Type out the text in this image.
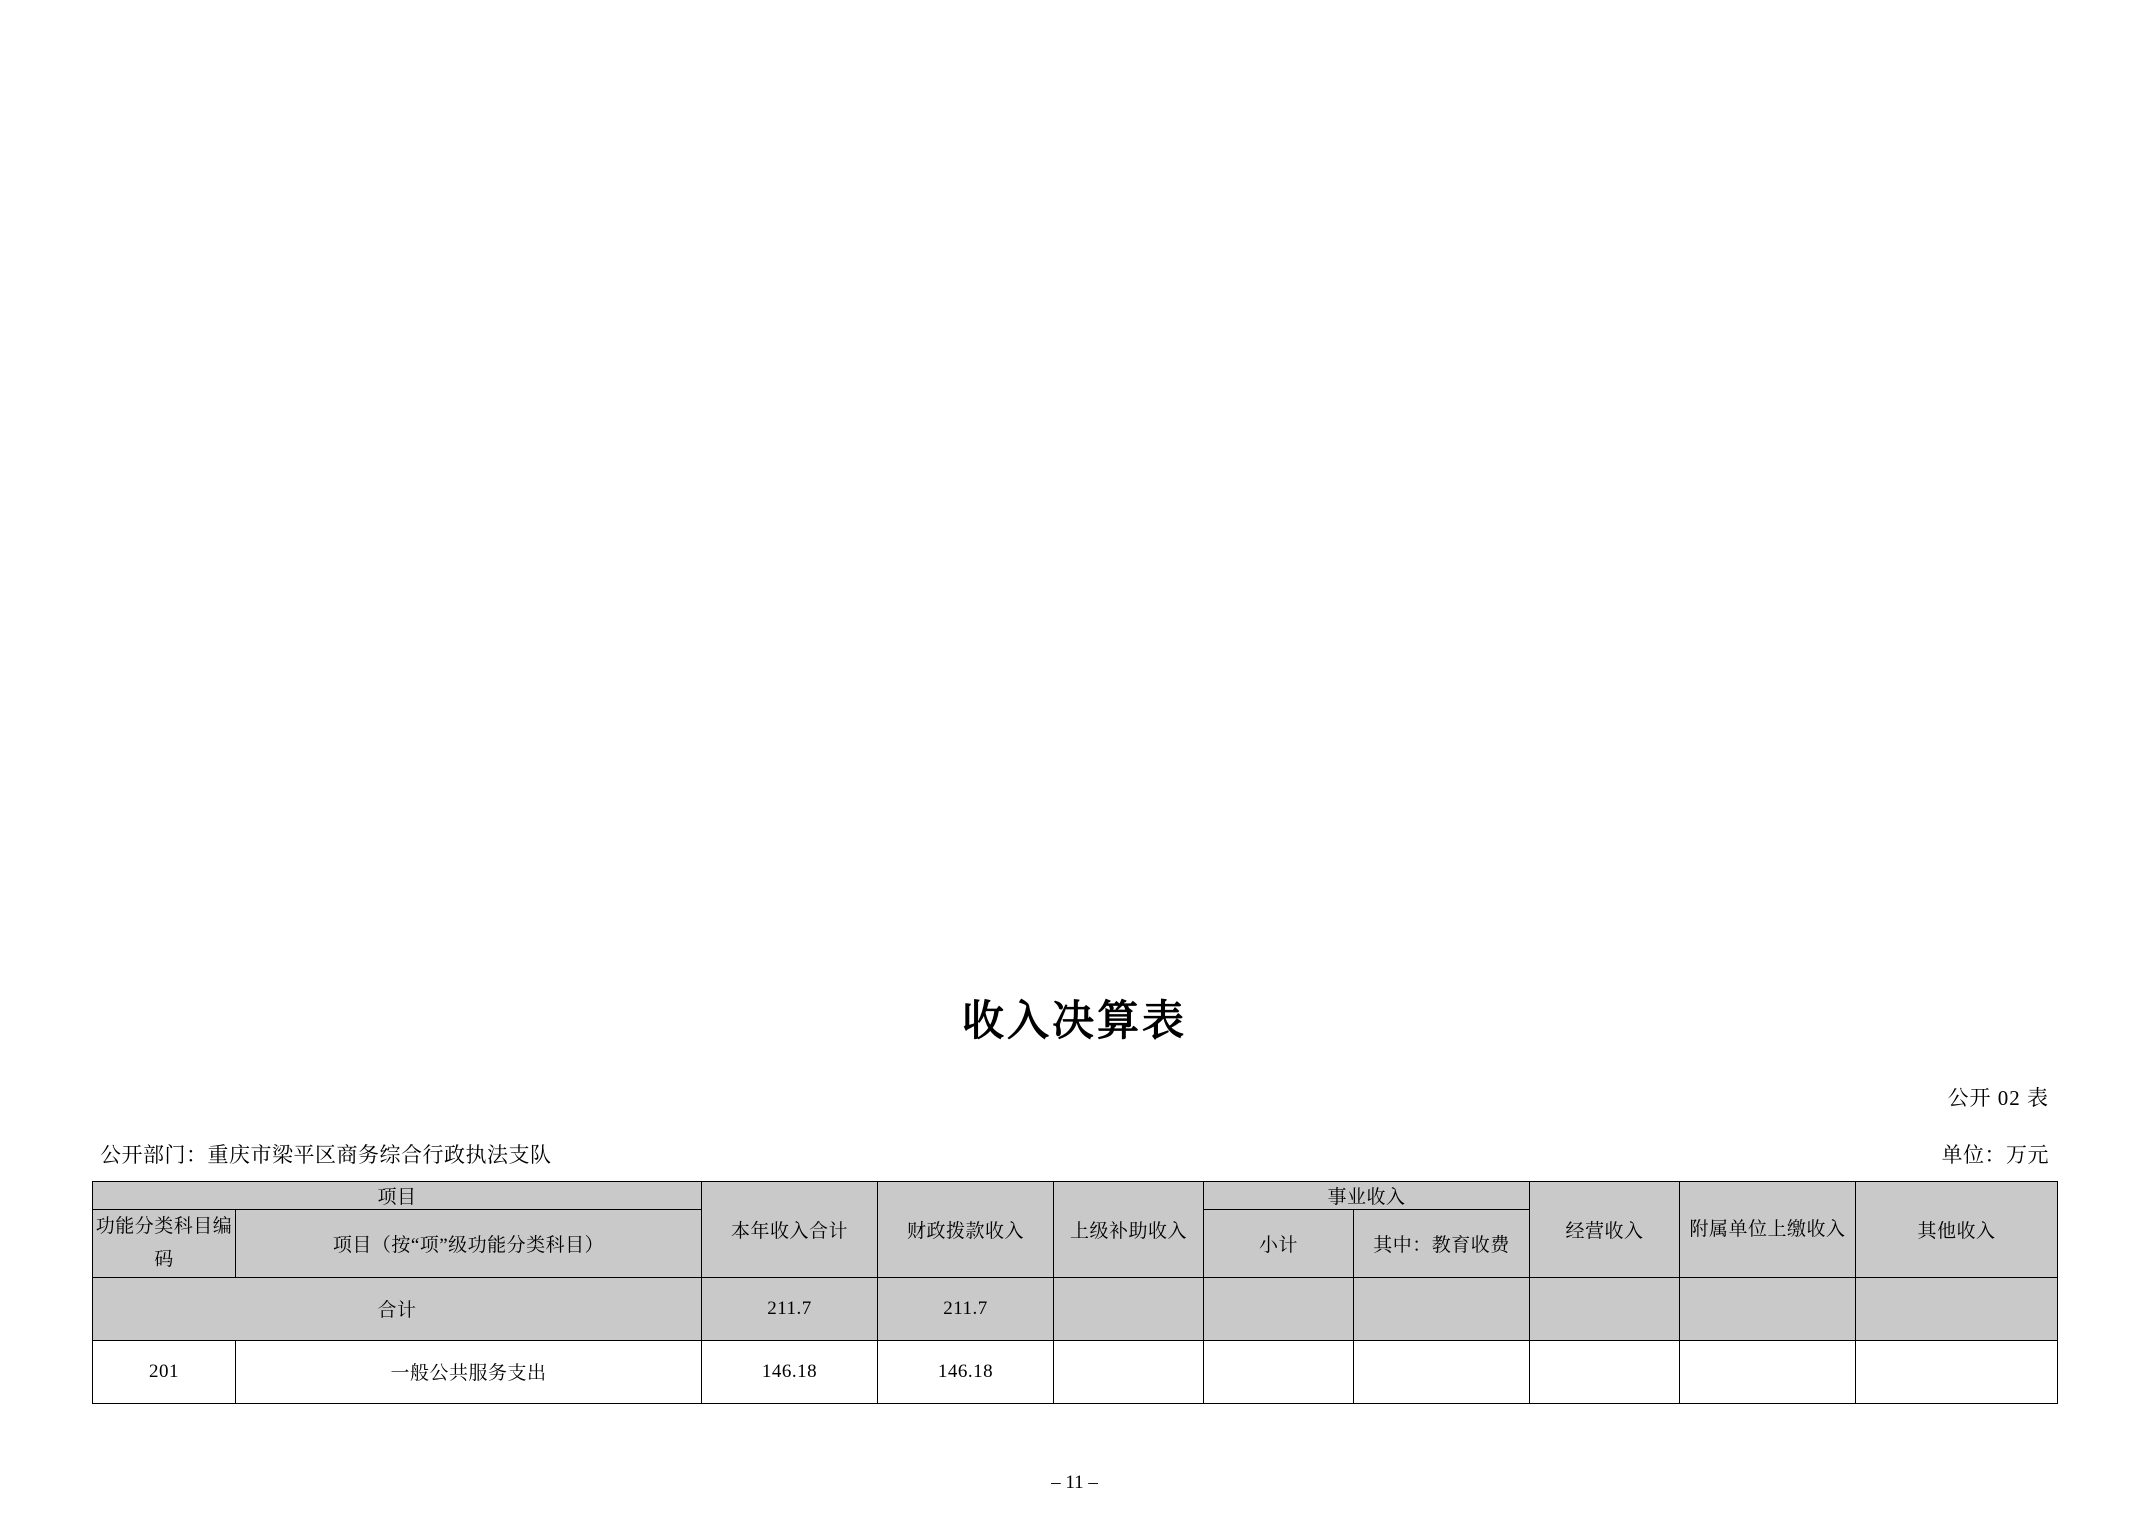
收入决算表
公开 02 表
公开部门：重庆市梁平区商务综合行政执法支队	单位：万元
项目		本年收入合计	财政拨款收入	上级补助收入	事业收入		经营收入	附属单位上缴收入	其他收入
功能分类科目编码	项目（按“项”级功能分类科目）				小计	其中：教育收费			
合计		211.7	211.7						
201	一般公共服务支出	146.18	146.18						
– 11 –
